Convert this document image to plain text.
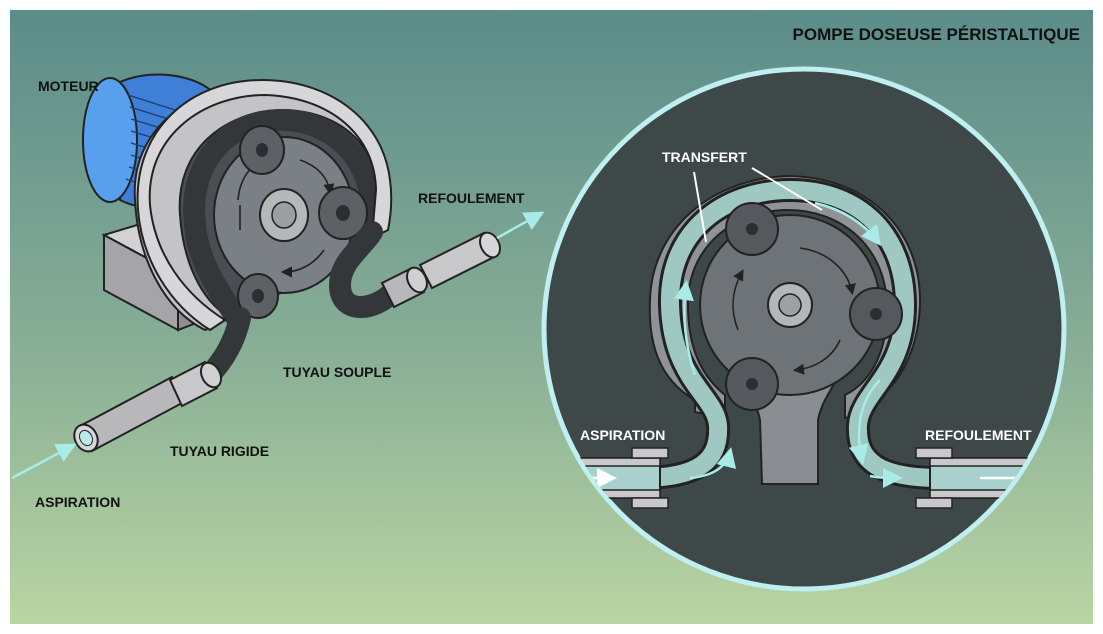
POMPE DOSEUSE PÉRISTALTIQUE
MOTEUR
REFOULEMENT
TUYAU SOUPLE
TUYAU RIGIDE
ASPIRATION
TRANSFERT
ASPIRATION	REFOULEMENT
